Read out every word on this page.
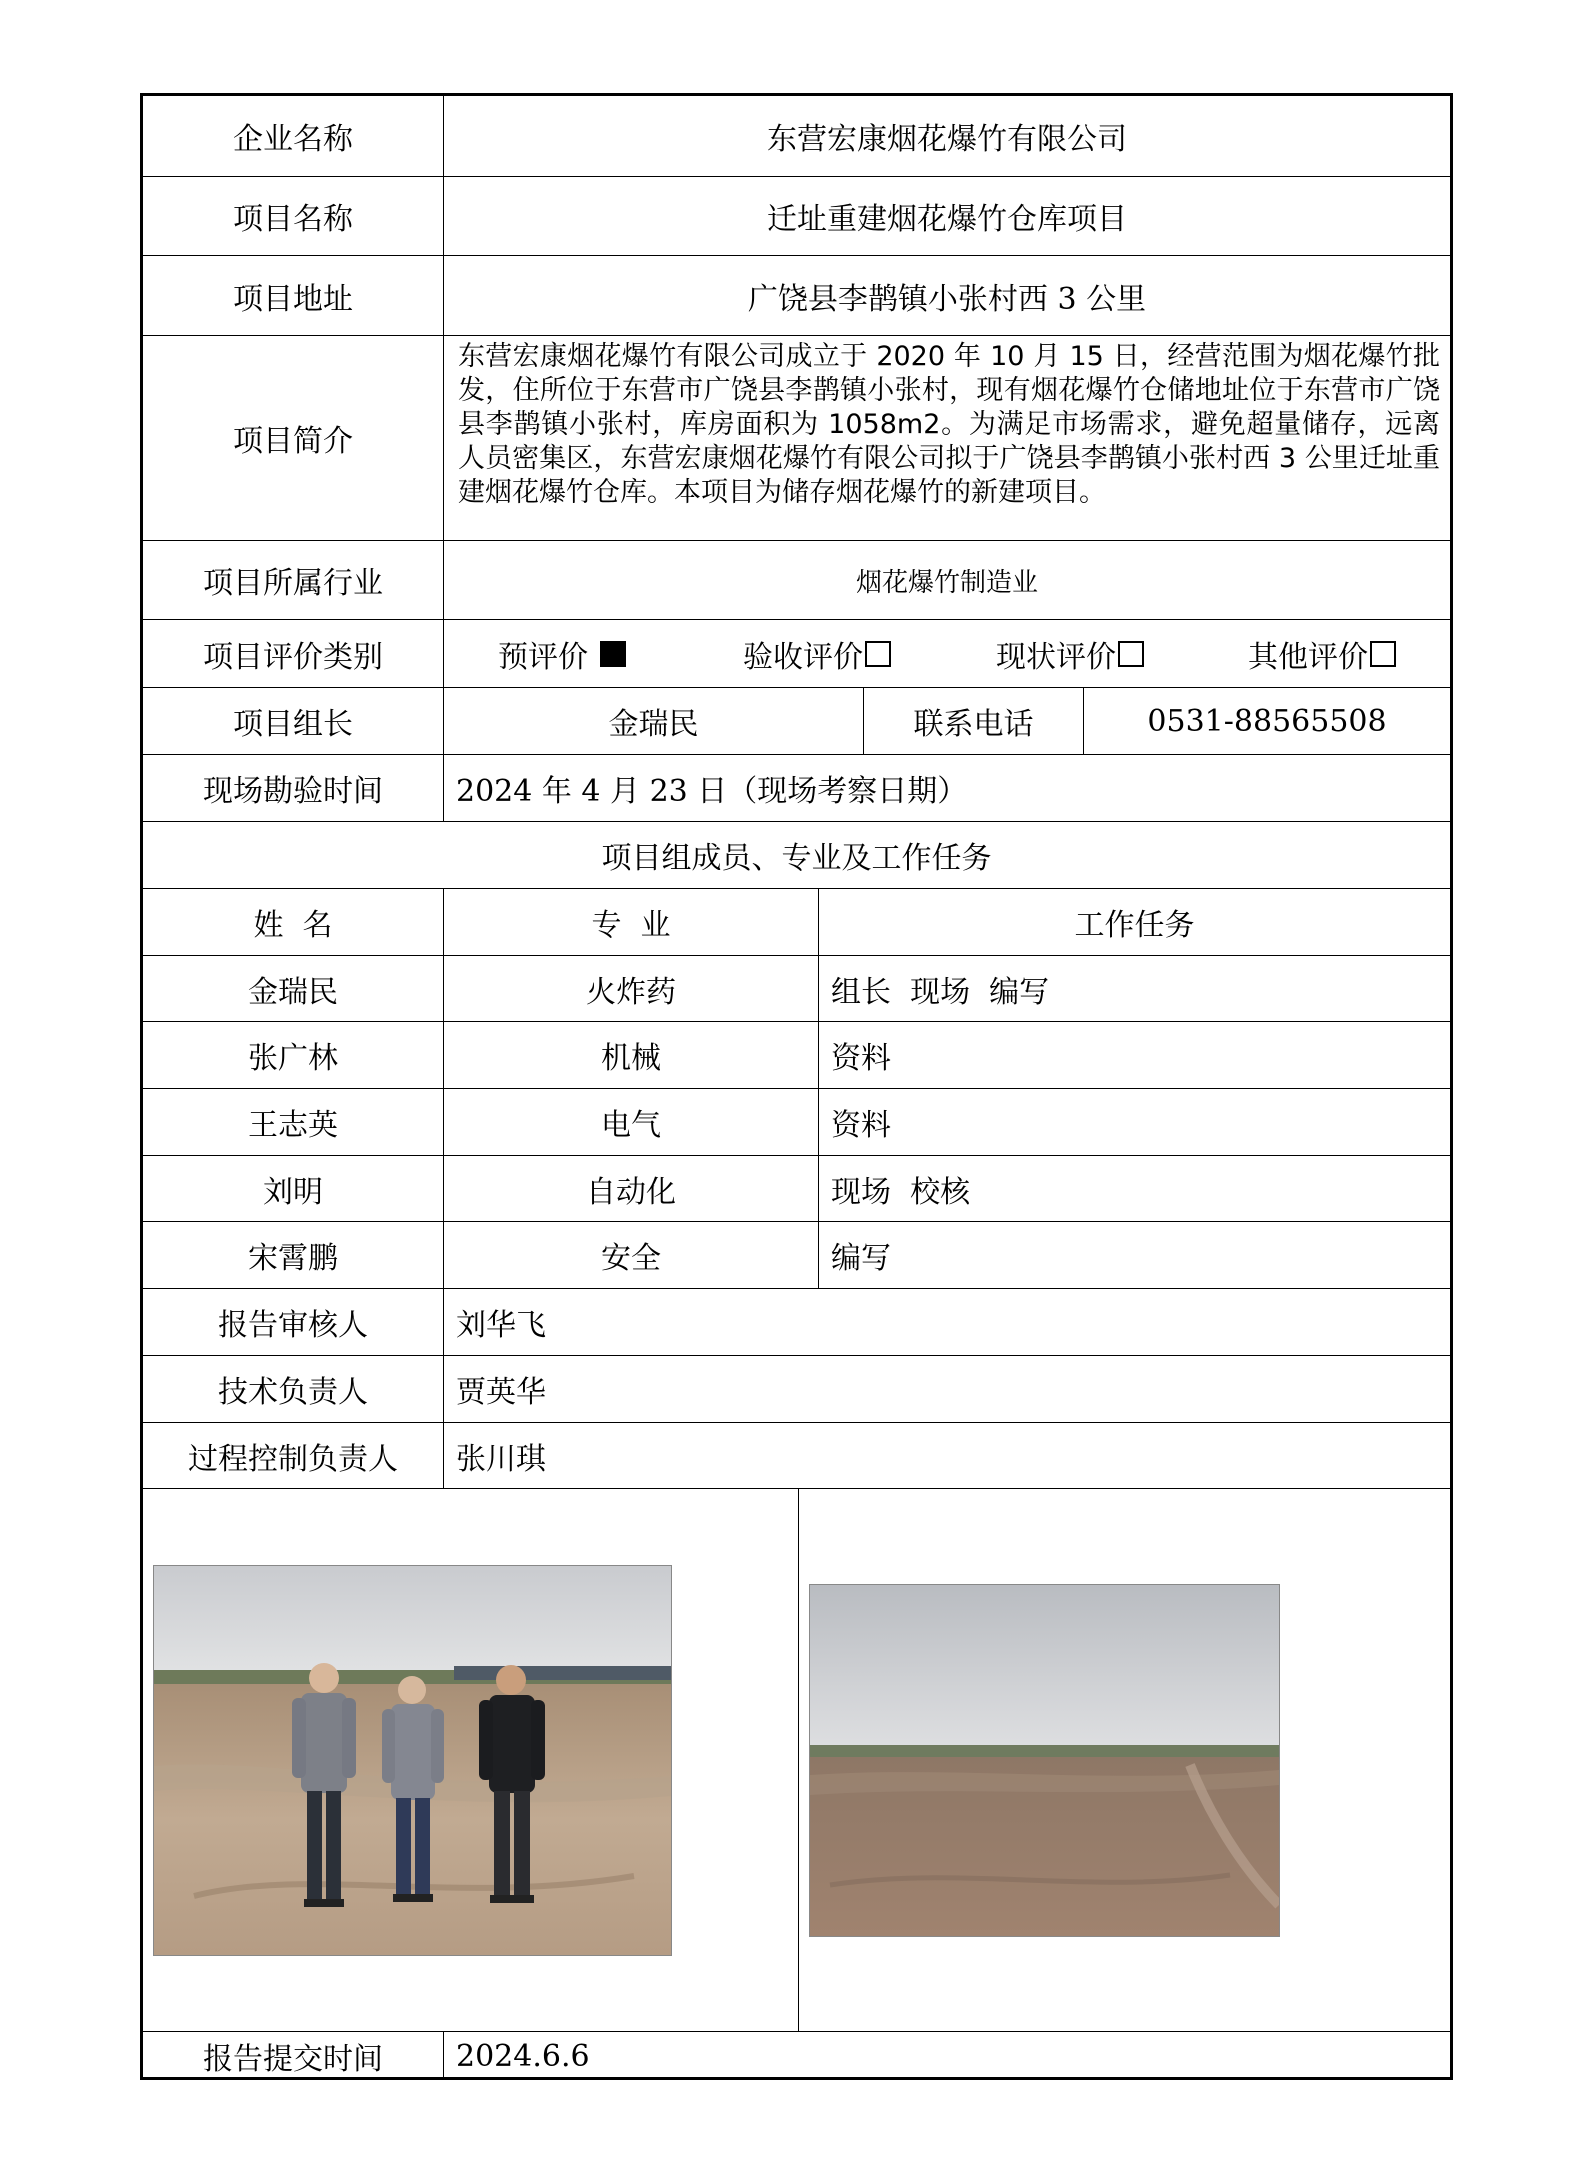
企业名称	东营宏康烟花爆竹有限公司
项目名称	迁址重建烟花爆竹仓库项目
项目地址	广饶县李鹊镇小张村西 3 公里
项目简介
东营宏康烟花爆竹有限公司成立于 2020 年 10 月 15 日，经营范围为烟花爆竹批发，住所位于东营市广饶县李鹊镇小张村，现有烟花爆竹仓储地址位于东营市广饶县李鹊镇小张村，库房面积为 1058m2。为满足市场需求，避免超量储存，远离人员密集区，东营宏康烟花爆竹有限公司拟于广饶县李鹊镇小张村西 3 公里迁址重建烟花爆竹仓库。本项目为储存烟花爆竹的新建项目。
项目所属行业	烟花爆竹制造业
项目评价类别	预评价	验收评价	现状评价	其他评价
项目组长	金瑞民	联系电话	0531-88565508
现场勘验时间	2024 年 4 月 23 日（现场考察日期）
项目组成员、专业及工作任务
姓  名	专  业	工作任务
金瑞民	火炸药	组长  现场  编写
张广林	机械	资料
王志英	电气	资料
刘明	自动化	现场  校核
宋霄鹏	安全	编写
报告审核人	刘华飞
技术负责人	贾英华
过程控制负责人	张川琪
报告提交时间	2024.6.6
